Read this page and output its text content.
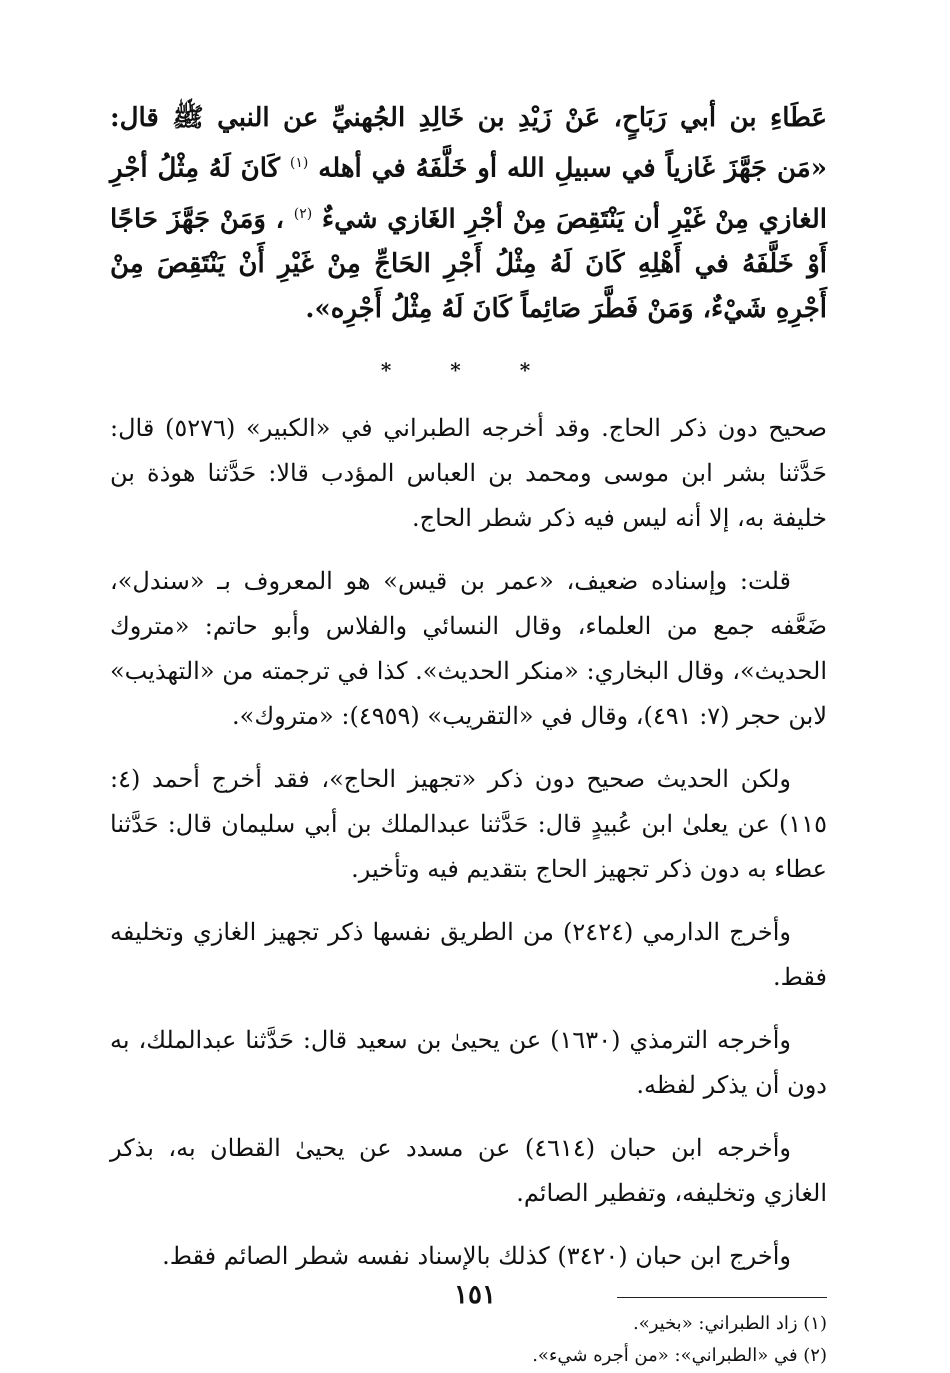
عَطَاءِ بن أبي رَبَاحٍ، عَنْ زَيْدِ بن خَالِدِ الجُهنيِّ عن النبي ﷺ قال: «مَن جَهَّزَ غَازياً في سبيلِ الله أو خَلَّفَهُ في أهله $^{(١)}$ كَانَ لَهُ مِثْلُ أجْرِ الغازي مِنْ غَيْرِ أن يَنْتَقِصَ مِنْ أجْرِ الغَازي شيءٌ $^{(٢)}$ ، وَمَنْ جَهَّزَ حَاجًا أَوْ خَلَّفَهُ في أَهْلِهِ كَانَ لَهُ مِثْلُ أَجْرِ الحَاجِّ مِنْ غَيْرِ أَنْ يَنْتَقِصَ مِنْ أَجْرِهِ شَيْءٌ، وَمَنْ فَطَّرَ صَائِماً كَانَ لَهُ مِثْلُ أَجْرِه».

* * *

صحيح دون ذكر الحاج. وقد أخرجه الطبراني في «الكبير» (٥٢٧٦) قال: حَدَّثنا بشر ابن موسى ومحمد بن العباس المؤدب قالا: حَدَّثنا هوذة بن خليفة به، إلا أنه ليس فيه ذكر شطر الحاج.

قلت: وإسناده ضعيف، «عمر بن قيس» هو المعروف بـ «سندل»، ضَعَّفه جمع من العلماء، وقال النسائي والفلاس وأبو حاتم: «متروك الحديث»، وقال البخاري: «منكر الحديث». كذا في ترجمته من «التهذيب» لابن حجر (٧: ٤٩١)، وقال في «التقريب» (٤٩٥٩): «متروك».

ولكن الحديث صحيح دون ذكر «تجهيز الحاج»، فقد أخرج أحمد (٤: ١١٥) عن يعلىٰ ابن عُبيدٍ قال: حَدَّثنا عبدالملك بن أبي سليمان قال: حَدَّثنا عطاء به دون ذكر تجهيز الحاج بتقديم فيه وتأخير.

وأخرج الدارمي (٢٤٢٤) من الطريق نفسها ذكر تجهيز الغازي وتخليفه فقط.

وأخرجه الترمذي (١٦٣٠) عن يحيىٰ بن سعيد قال: حَدَّثنا عبدالملك، به دون أن يذكر لفظه.

وأخرجه ابن حبان (٤٦١٤) عن مسدد عن يحيىٰ القطان به، بذكر الغازي وتخليفه، وتفطير الصائم.

وأخرج ابن حبان (٣٤٢٠) كذلك بالإسناد نفسه شطر الصائم فقط.

(١) زاد الطبراني: «بخير».

(٢) في «الطبراني»: «من أجره شيء».

١٥١
